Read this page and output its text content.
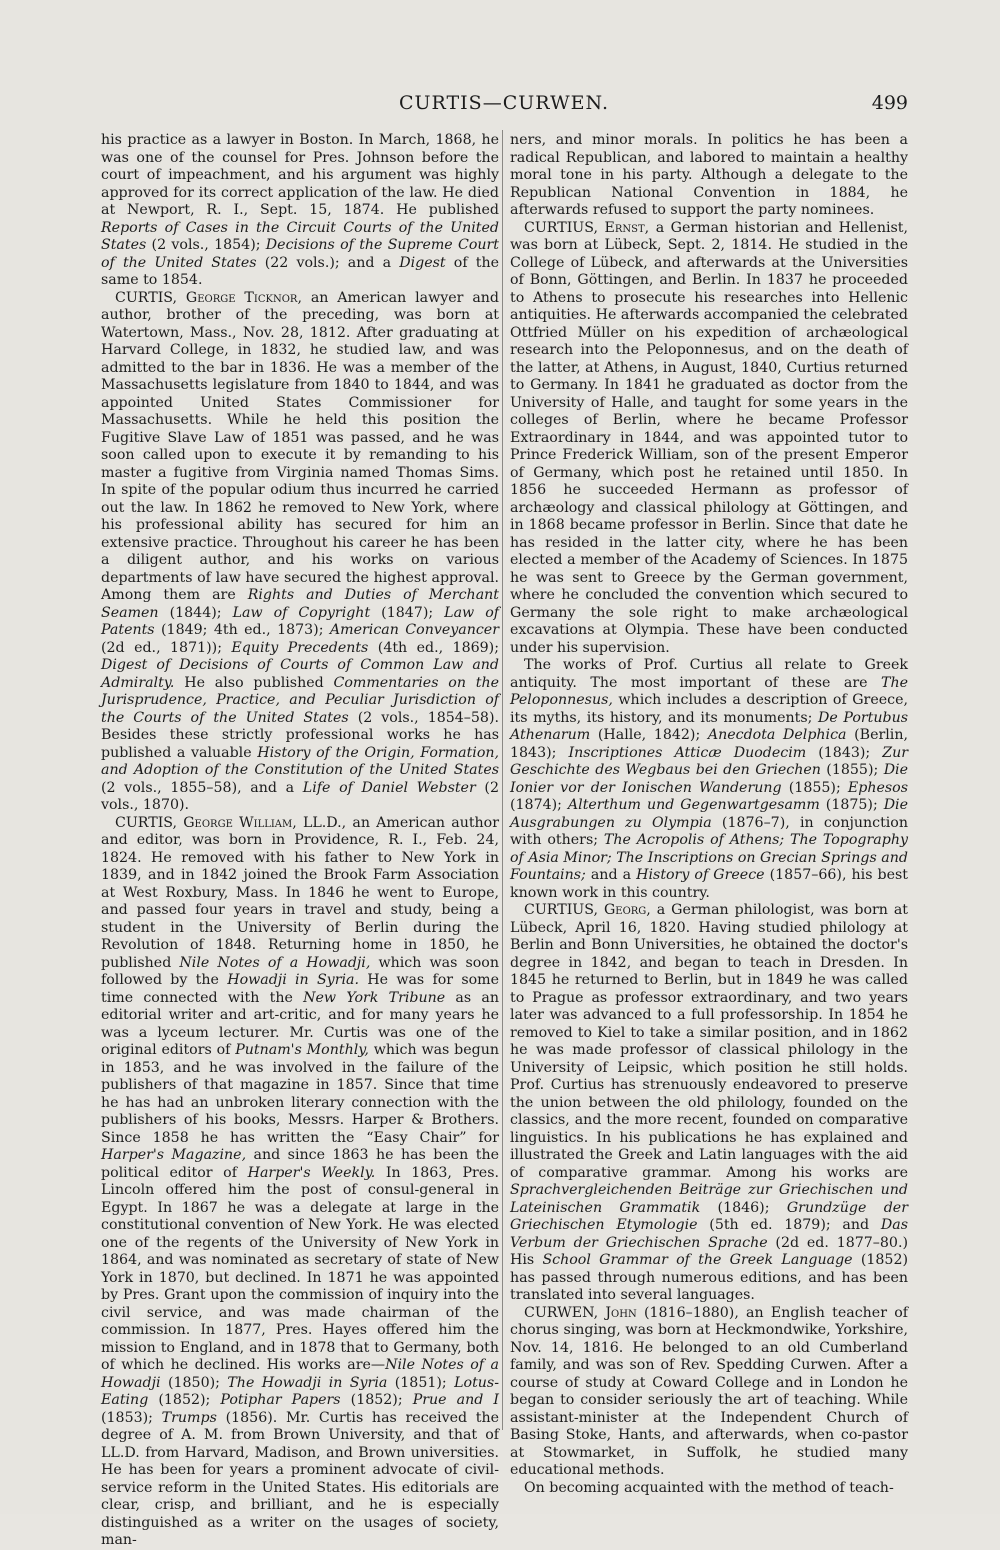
CURTIS—CURWEN.	499

his practice as a lawyer in Boston. In March, 1868, he was one of the counsel for Pres. Johnson before the court of impeachment, and his argument was highly approved for its correct application of the law. He died at Newport, R. I., Sept. 15, 1874. He published Reports of Cases in the Circuit Courts of the United States (2 vols., 1854); Decisions of the Supreme Court of the United States (22 vols.); and a Digest of the same to 1854.

CURTIS, George Ticknor, an American lawyer and author, brother of the preceding, was born at Watertown, Mass., Nov. 28, 1812. After graduating at Harvard College, in 1832, he studied law, and was admitted to the bar in 1836. He was a member of the Massachusetts legislature from 1840 to 1844, and was appointed United States Commissioner for Massachusetts. While he held this position the Fugitive Slave Law of 1851 was passed, and he was soon called upon to execute it by remanding to his master a fugitive from Virginia named Thomas Sims. In spite of the popular odium thus incurred he carried out the law. In 1862 he removed to New York, where his professional ability has secured for him an extensive practice. Throughout his career he has been a diligent author, and his works on various departments of law have secured the highest approval. Among them are Rights and Duties of Merchant Seamen (1844); Law of Copyright (1847); Law of Patents (1849; 4th ed., 1873); American Conveyancer (2d ed., 1871)); Equity Precedents (4th ed., 1869); Digest of Decisions of Courts of Common Law and Admiralty. He also published Commentaries on the Jurisprudence, Practice, and Peculiar Jurisdiction of the Courts of the United States (2 vols., 1854–58). Besides these strictly professional works he has published a valuable History of the Origin, Formation, and Adoption of the Constitution of the United States (2 vols., 1855–58), and a Life of Daniel Webster (2 vols., 1870).

CURTIS, George William, LL.D., an American author and editor, was born in Providence, R. I., Feb. 24, 1824. He removed with his father to New York in 1839, and in 1842 joined the Brook Farm Association at West Roxbury, Mass. In 1846 he went to Europe, and passed four years in travel and study, being a student in the University of Berlin during the Revolution of 1848. Returning home in 1850, he published Nile Notes of a Howadji, which was soon followed by the Howadji in Syria. He was for some time connected with the New York Tribune as an editorial writer and art-critic, and for many years he was a lyceum lecturer. Mr. Curtis was one of the original editors of Putnam's Monthly, which was begun in 1853, and he was involved in the failure of the publishers of that magazine in 1857. Since that time he has had an unbroken literary connection with the publishers of his books, Messrs. Harper & Brothers. Since 1858 he has written the “Easy Chair” for Harper's Magazine, and since 1863 he has been the political editor of Harper's Weekly. In 1863, Pres. Lincoln offered him the post of consul-general in Egypt. In 1867 he was a delegate at large in the constitutional convention of New York. He was elected one of the regents of the University of New York in 1864, and was nominated as secretary of state of New York in 1870, but declined. In 1871 he was appointed by Pres. Grant upon the commission of inquiry into the civil service, and was made chairman of the commission. In 1877, Pres. Hayes offered him the mission to England, and in 1878 that to Germany, both of which he declined. His works are—Nile Notes of a Howadji (1850); The Howadji in Syria (1851); Lotus-Eating (1852); Potiphar Papers (1852); Prue and I (1853); Trumps (1856). Mr. Curtis has received the degree of A. M. from Brown University, and that of LL.D. from Harvard, Madison, and Brown universities. He has been for years a prominent advocate of civil-service reform in the United States. His editorials are clear, crisp, and brilliant, and he is especially distinguished as a writer on the usages of society, man-

ners, and minor morals. In politics he has been a radical Republican, and labored to maintain a healthy moral tone in his party. Although a delegate to the Republican National Convention in 1884, he afterwards refused to support the party nominees.

CURTIUS, Ernst, a German historian and Hellenist, was born at Lübeck, Sept. 2, 1814. He studied in the College of Lübeck, and afterwards at the Universities of Bonn, Göttingen, and Berlin. In 1837 he proceeded to Athens to prosecute his researches into Hellenic antiquities. He afterwards accompanied the celebrated Ottfried Müller on his expedition of archæological research into the Peloponnesus, and on the death of the latter, at Athens, in August, 1840, Curtius returned to Germany. In 1841 he graduated as doctor from the University of Halle, and taught for some years in the colleges of Berlin, where he became Professor Extraordinary in 1844, and was appointed tutor to Prince Frederick William, son of the present Emperor of Germany, which post he retained until 1850. In 1856 he succeeded Hermann as professor of archæology and classical philology at Göttingen, and in 1868 became professor in Berlin. Since that date he has resided in the latter city, where he has been elected a member of the Academy of Sciences. In 1875 he was sent to Greece by the German government, where he concluded the convention which secured to Germany the sole right to make archæological excavations at Olympia. These have been conducted under his supervision.

The works of Prof. Curtius all relate to Greek antiquity. The most important of these are The Peloponnesus, which includes a description of Greece, its myths, its history, and its monuments; De Portubus Athenarum (Halle, 1842); Anecdota Delphica (Berlin, 1843); Inscriptiones Atticæ Duodecim (1843); Zur Geschichte des Wegbaus bei den Griechen (1855); Die Ionier vor der Ionischen Wanderung (1855); Ephesos (1874); Alterthum und Gegenwartgesamm (1875); Die Ausgrabungen zu Olympia (1876–7), in conjunction with others; The Acropolis of Athens; The Topography of Asia Minor; The Inscriptions on Grecian Springs and Fountains; and a History of Greece (1857–66), his best known work in this country.

CURTIUS, Georg, a German philologist, was born at Lübeck, April 16, 1820. Having studied philology at Berlin and Bonn Universities, he obtained the doctor's degree in 1842, and began to teach in Dresden. In 1845 he returned to Berlin, but in 1849 he was called to Prague as professor extraordinary, and two years later was advanced to a full professorship. In 1854 he removed to Kiel to take a similar position, and in 1862 he was made professor of classical philology in the University of Leipsic, which position he still holds. Prof. Curtius has strenuously endeavored to preserve the union between the old philology, founded on the classics, and the more recent, founded on comparative linguistics. In his publications he has explained and illustrated the Greek and Latin languages with the aid of comparative grammar. Among his works are Sprachvergleichenden Beiträge zur Griechischen und Lateinischen Grammatik (1846); Grundzüge der Griechischen Etymologie (5th ed. 1879); and Das Verbum der Griechischen Sprache (2d ed. 1877–80.) His School Grammar of the Greek Language (1852) has passed through numerous editions, and has been translated into several languages.

CURWEN, John (1816–1880), an English teacher of chorus singing, was born at Heckmondwike, Yorkshire, Nov. 14, 1816. He belonged to an old Cumberland family, and was son of Rev. Spedding Curwen. After a course of study at Coward College and in London he began to consider seriously the art of teaching. While assistant-minister at the Independent Church of Basing Stoke, Hants, and afterwards, when co-pastor at Stowmarket, in Suffolk, he studied many educational methods.

On becoming acquainted with the method of teach-
